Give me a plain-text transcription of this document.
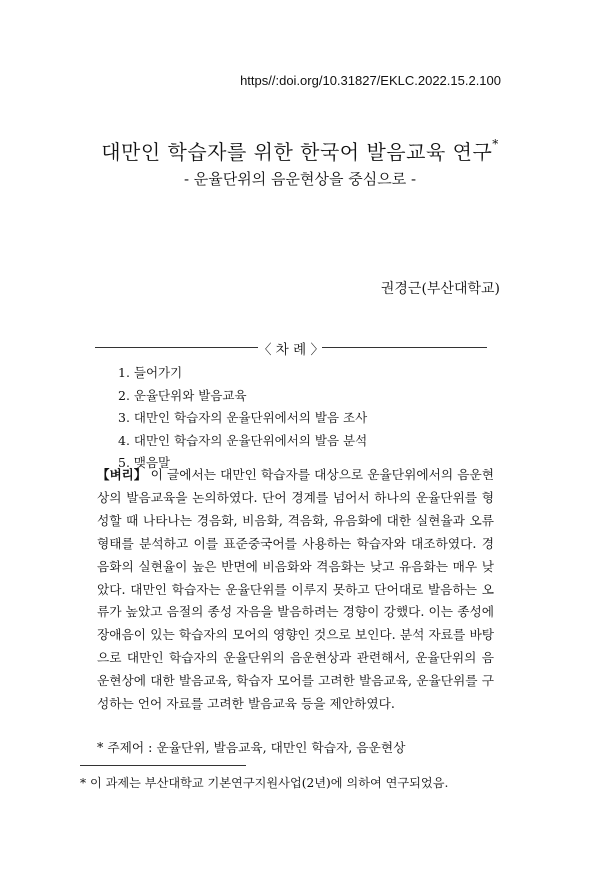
https//:doi.org/10.31827/EKLC.2022.15.2.100
대만인 학습자를 위한 한국어 발음교육 연구*
- 운율단위의 음운현상을 중심으로 -
권경근(부산대학교)
〈 차 례 〉
1. 들어가기
2. 운율단위와 발음교육
3. 대만인 학습자의 운율단위에서의 발음 조사
4. 대만인 학습자의 운율단위에서의 발음 분석
5. 맺음말
【벼리】 이 글에서는 대만인 학습자를 대상으로 운율단위에서의 음운현상의 발음교육을 논의하였다. 단어 경계를 넘어서 하나의 운율단위를 형성할 때 나타나는 경음화, 비음화, 격음화, 유음화에 대한 실현율과 오류 형태를 분석하고 이를 표준중국어를 사용하는 학습자와 대조하였다. 경음화의 실현율이 높은 반면에 비음화와 격음화는 낮고 유음화는 매우 낮았다. 대만인 학습자는 운율단위를 이루지 못하고 단어대로 발음하는 오류가 높았고 음절의 종성 자음을 발음하려는 경향이 강했다. 이는 종성에 장애음이 있는 학습자의 모어의 영향인 것으로 보인다. 분석 자료를 바탕으로 대만인 학습자의 운율단위의 음운현상과 관련해서, 운율단위의 음운현상에 대한 발음교육, 학습자 모어를 고려한 발음교육, 운율단위를 구성하는 언어 자료를 고려한 발음교육 등을 제안하였다.
* 주제어 : 운율단위, 발음교육, 대만인 학습자, 음운현상
* 이 과제는 부산대학교 기본연구지원사업(2년)에 의하여 연구되었음.
